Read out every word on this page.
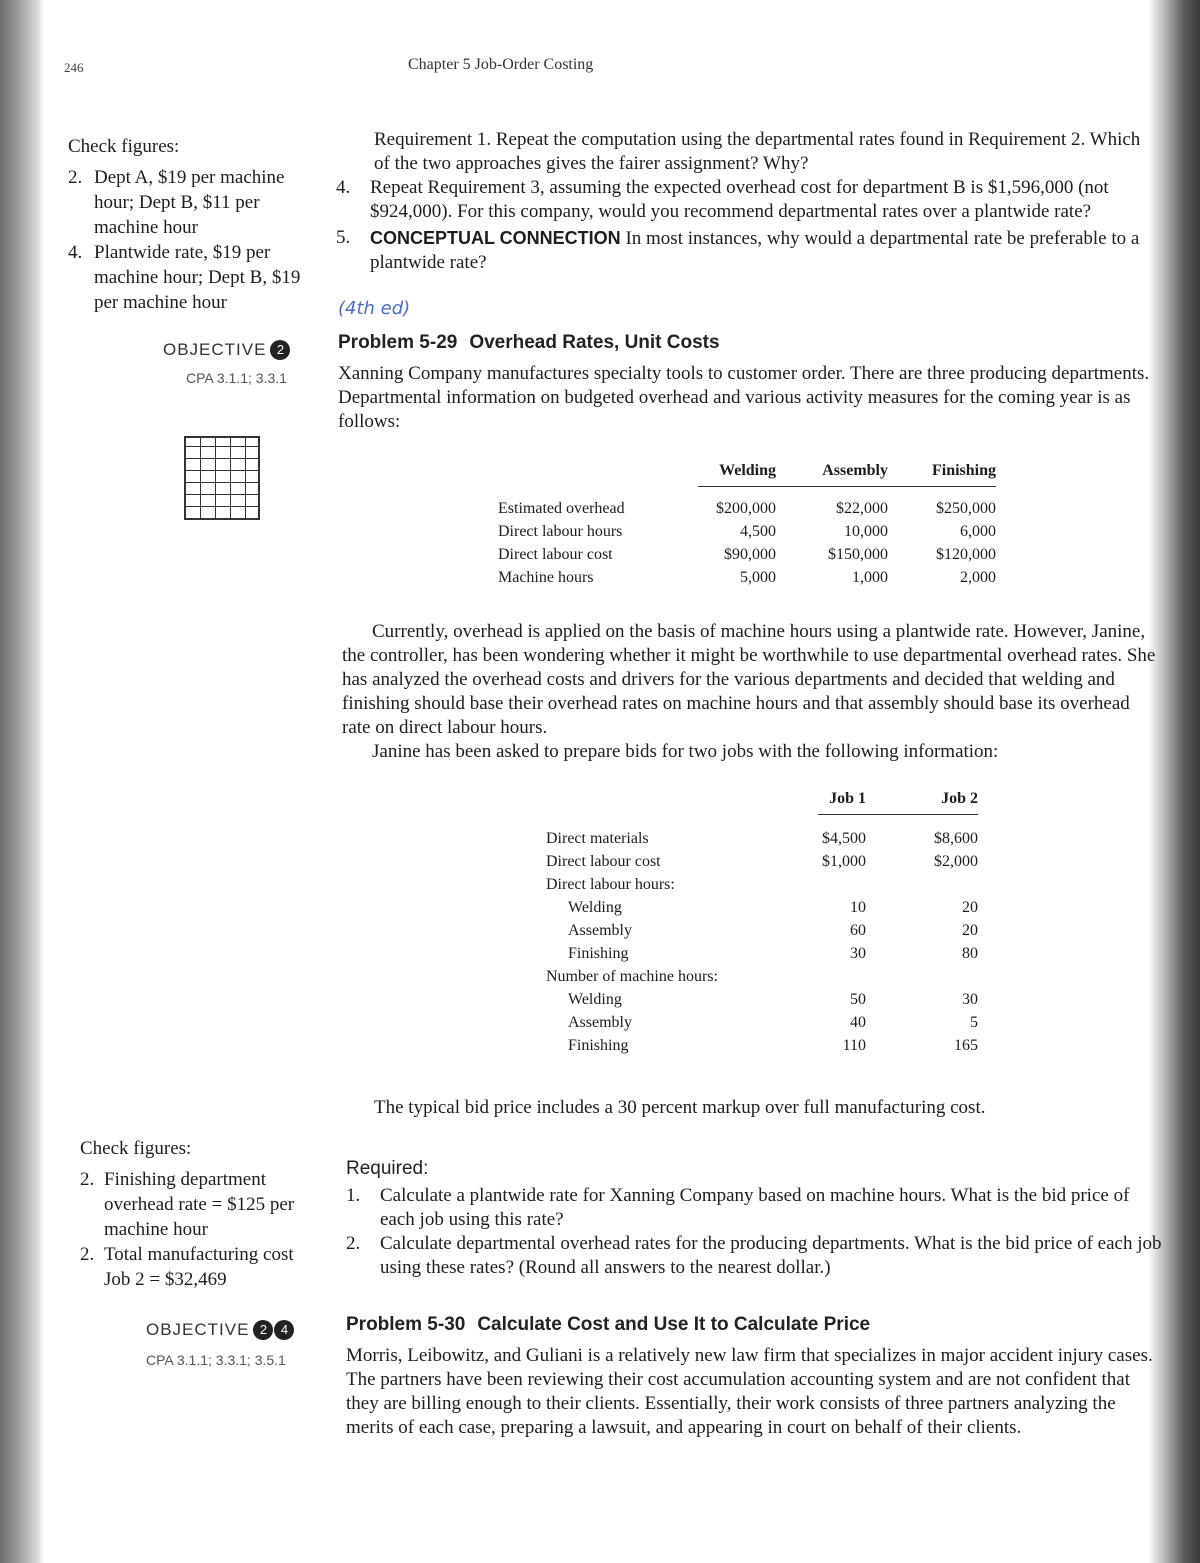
246	Chapter 5 Job-Order Costing
Check figures:
2. Dept A, $19 per machine hour; Dept B, $11 per machine hour
4. Plantwide rate, $19 per machine hour; Dept B, $19 per machine hour

Requirement 1. Repeat the computation using the departmental rates found in Requirement 2. Which of the two approaches gives the fairer assignment? Why?

4. Repeat Requirement 3, assuming the expected overhead cost for department B is $1,596,000 (not $924,000). For this company, would you recommend departmental rates over a plantwide rate?
5. CONCEPTUAL CONNECTION In most instances, why would a departmental rate be preferable to a plantwide rate?
(4th ed)
OBJECTIVE 2
CPA 3.1.1; 3.3.1
Problem 5-29 Overhead Rates, Unit Costs
Xanning Company manufactures specialty tools to customer order. There are three producing departments. Departmental information on budgeted overhead and various activity measures for the coming year is as follows:
	Welding	Assembly	Finishing

Estimated overhead	$200,000	$22,000	$250,000
Direct labour hours	4,500	10,000	6,000
Direct labour cost	$90,000	$150,000	$120,000
Machine hours	5,000	1,000	2,000

Currently, overhead is applied on the basis of machine hours using a plantwide rate. However, Janine, the controller, has been wondering whether it might be worthwhile to use departmental overhead rates. She has analyzed the overhead costs and drivers for the various departments and decided that welding and finishing should base their overhead rates on machine hours and that assembly should base its overhead rate on direct labour hours.

Janine has been asked to prepare bids for two jobs with the following information:

	Job 1	Job 2

Direct materials	$4,500	$8,600
Direct labour cost	$1,000	$2,000
Direct labour hours:		
Welding	10	20
Assembly	60	20
Finishing	30	80
Number of machine hours:		
Welding	50	30
Assembly	40	5
Finishing	110	165
The typical bid price includes a 30 percent markup over full manufacturing cost.
Check figures:
2. Finishing department overhead rate = $125 per machine hour
2. Total manufacturing cost Job 2 = $32,469
Required:
1. Calculate a plantwide rate for Xanning Company based on machine hours. What is the bid price of each job using this rate?
2. Calculate departmental overhead rates for the producing departments. What is the bid price of each job using these rates? (Round all answers to the nearest dollar.)
OBJECTIVE 2 4
CPA 3.1.1; 3.3.1; 3.5.1
Problem 5-30 Calculate Cost and Use It to Calculate Price
Morris, Leibowitz, and Guliani is a relatively new law firm that specializes in major accident injury cases. The partners have been reviewing their cost accumulation accounting system and are not confident that they are billing enough to their clients. Essentially, their work consists of three partners analyzing the merits of each case, preparing a lawsuit, and appearing in court on behalf of their clients.
